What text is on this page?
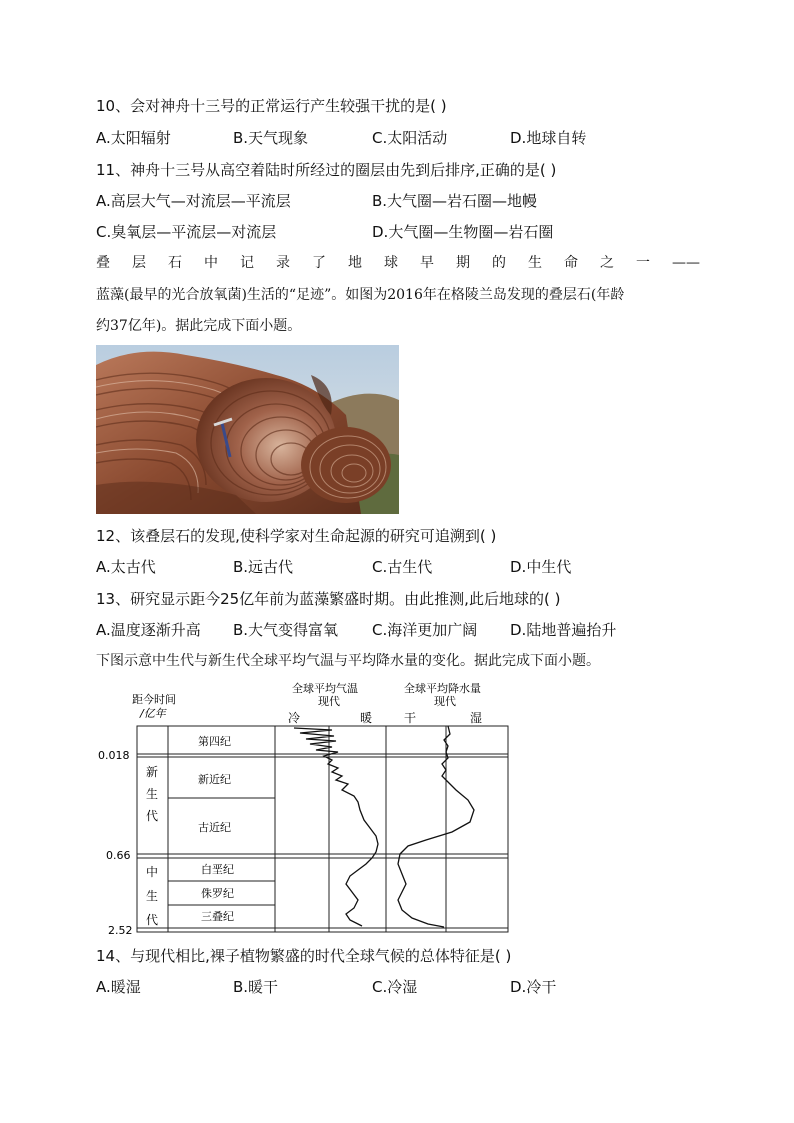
10、会对神舟十三号的正常运行产生较强干扰的是( )
A.太阳辐射	B.天气现象	C.太阳活动	D.地球自转
11、神舟十三号从高空着陆时所经过的圈层由先到后排序,正确的是( )
A.高层大气—对流层—平流层	B.大气圈—岩石圈—地幔
C.臭氧层—平流层—对流层	D.大气圈—生物圈—岩石圈
叠层石中记录了地球早期的生命之一——
蓝藻(最早的光合放氧菌)生活的“足迹”。如图为2016年在格陵兰岛发现的叠层石(年龄
约37亿年)。据此完成下面小题。
12、该叠层石的发现,使科学家对生命起源的研究可追溯到( )
A.太古代	B.远古代	C.古生代	D.中生代
13、研究显示距今25亿年前为蓝藻繁盛时期。由此推测,此后地球的( )
A.温度逐渐升高 B.大气变得富氧 C.海洋更加广阔 D.陆地普遍抬升
下图示意中生代与新生代全球平均气温与平均降水量的变化。据此完成下面小题。
距今时间
/亿年
全球平均气温
现代
冷	暖
全球平均降水量
现代
干	湿
0.018
0.66
2.52
新
生
代
中
生
代
第四纪
新近纪
古近纪
白垩纪
侏罗纪
三叠纪
14、与现代相比,裸子植物繁盛的时代全球气候的总体特征是( )
A.暖湿	B.暖干	C.冷湿	D.冷干
